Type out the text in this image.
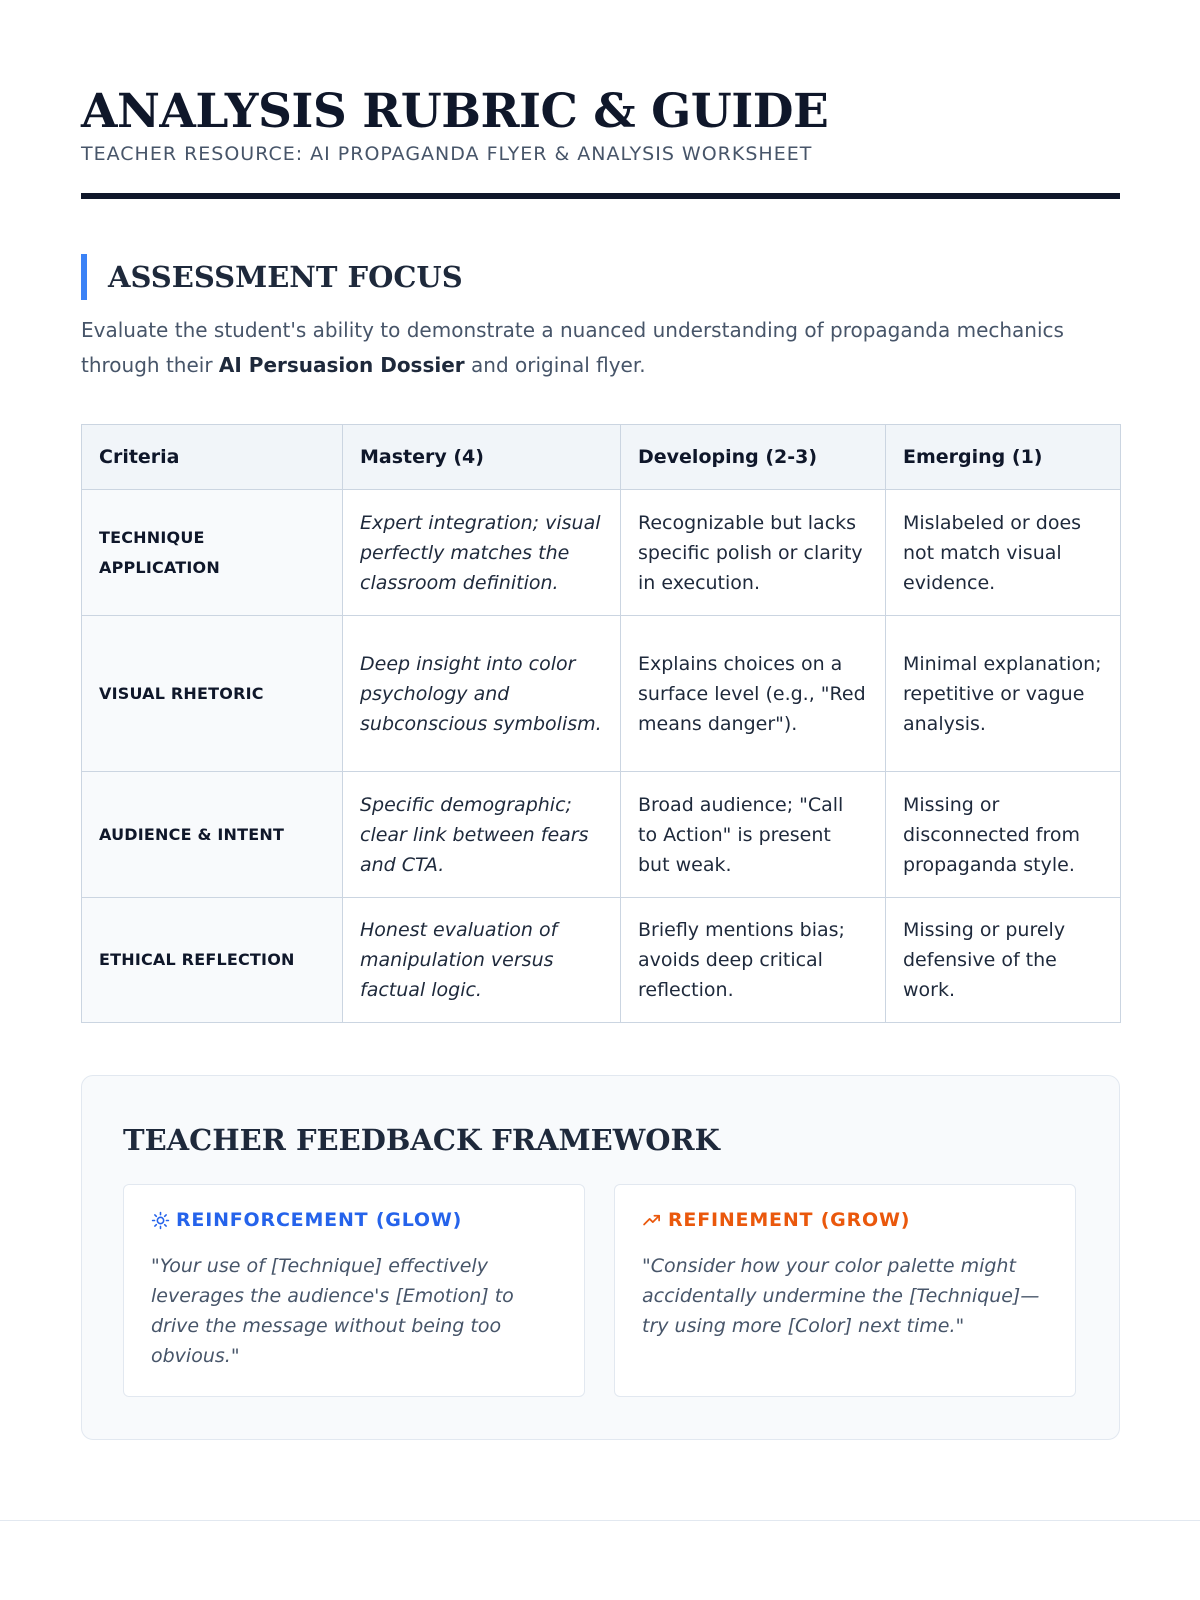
ANALYSIS RUBRIC & GUIDE

TEACHER RESOURCE: AI PROPAGANDA FLYER & ANALYSIS WORKSHEET

ASSESSMENT FOCUS

Evaluate the student's ability to demonstrate a nuanced understanding of propaganda mechanics through their AI Persuasion Dossier and original flyer.

Criteria	Mastery (4)	Developing (2-3)	Emerging (1)
TECHNIQUE APPLICATION	Expert integration; visual perfectly matches the classroom definition.	Recognizable but lacks specific polish or clarity in execution.	Mislabeled or does not match visual evidence.
VISUAL RHETORIC	Deep insight into color psychology and subconscious symbolism.	Explains choices on a surface level (e.g., "Red means danger").	Minimal explanation; repetitive or vague analysis.
AUDIENCE & INTENT	Specific demographic; clear link between fears and CTA.	Broad audience; "Call to Action" is present but weak.	Missing or disconnected from propaganda style.
ETHICAL REFLECTION	Honest evaluation of manipulation versus factual logic.	Briefly mentions bias; avoids deep critical reflection.	Missing or purely defensive of the work.
TEACHER FEEDBACK FRAMEWORK
REINFORCEMENT (GLOW)

"Your use of [Technique] effectively leverages the audience's [Emotion] to drive the message without being too obvious."

REFINEMENT (GROW)

"Consider how your color palette might accidentally undermine the [Technique]—try using more [Color] next time."
